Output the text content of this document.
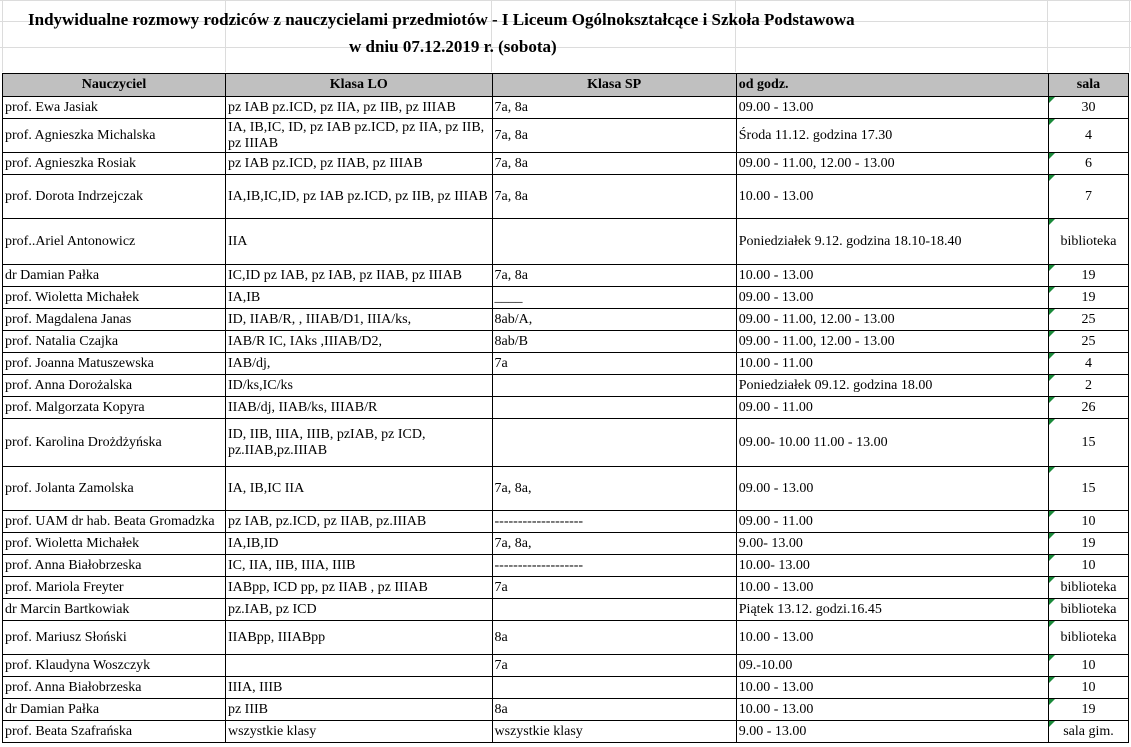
Indywidualne rozmowy rodziców z nauczycielami przedmiotów - I Liceum Ogólnokształcące i Szkoła Podstawowa
w dniu 07.12.2019 r. (sobota)
Nauczyciel	Klasa LO	Klasa SP	od godz.	sala
prof. Ewa Jasiak	pz IAB pz.ICD, pz IIA, pz IIB, pz IIIAB	7a, 8a	09.00 - 13.00	30
prof. Agnieszka Michalska	IA, IB,IC, ID, pz IAB pz.ICD, pz IIA, pz IIB, pz IIIAB	7a, 8a	Środa 11.12. godzina 17.30	4
prof. Agnieszka Rosiak	pz IAB pz.ICD, pz IIAB, pz IIIAB	7a, 8a	09.00 - 11.00, 12.00 - 13.00	6
prof. Dorota Indrzejczak	IA,IB,IC,ID, pz IAB pz.ICD, pz IIB, pz IIIAB	7a, 8a	10.00 - 13.00	7
prof..Ariel Antonowicz	IIA		Poniedziałek 9.12. godzina 18.10-18.40	biblioteka
dr Damian Pałka	IC,ID pz IAB, pz IAB, pz IIAB, pz IIIAB	7a, 8a	10.00 - 13.00	19
prof. Wioletta Michałek	IA,IB	____	09.00 - 13.00	19
prof. Magdalena Janas	ID, IIAB/R, , IIIAB/D1, IIIA/ks,	8ab/A,	09.00 - 11.00, 12.00 - 13.00	25
prof. Natalia Czajka	IAB/R IC, IAks ,IIIAB/D2,	8ab/B	09.00 - 11.00, 12.00 - 13.00	25
prof. Joanna Matuszewska	IAB/dj,	7a	10.00 - 11.00	4
prof. Anna Dorożalska	ID/ks,IC/ks		Poniedziałek 09.12. godzina 18.00	2
prof. Malgorzata Kopyra	IIAB/dj, IIAB/ks, IIIAB/R		09.00 - 11.00	26
prof. Karolina Drożdżyńska	ID, IIB, IIIA, IIIB, pzIAB, pz ICD, pz.IIAB,pz.IIIAB		09.00- 10.00 11.00 - 13.00	15
prof. Jolanta Zamolska	IA, IB,IC IIA	7a, 8a,	09.00 - 13.00	15
prof. UAM dr hab. Beata Gromadzka	pz IAB, pz.ICD, pz IIAB, pz.IIIAB	-------------------	09.00 - 11.00	10
prof. Wioletta Michałek	IA,IB,ID	7a, 8a,	9.00- 13.00	19
prof. Anna Białobrzeska	IC, IIA, IIB, IIIA, IIIB	-------------------	10.00- 13.00	10
prof. Mariola Freyter	IABpp, ICD pp, pz IIAB , pz IIIAB	7a	10.00 - 13.00	biblioteka
dr Marcin Bartkowiak	pz.IAB, pz ICD		Piątek 13.12. godzi.16.45	biblioteka
prof. Mariusz Słoński	IIABpp, IIIABpp	8a	10.00 - 13.00	biblioteka
prof. Klaudyna Woszczyk		7a	09.-10.00	10
prof. Anna Białobrzeska	IIIA, IIIB		10.00 - 13.00	10
dr Damian Pałka	pz IIIB	8a	10.00 - 13.00	19
prof. Beata Szafrańska	wszystkie klasy	wszystkie klasy	9.00 - 13.00	sala gim.
